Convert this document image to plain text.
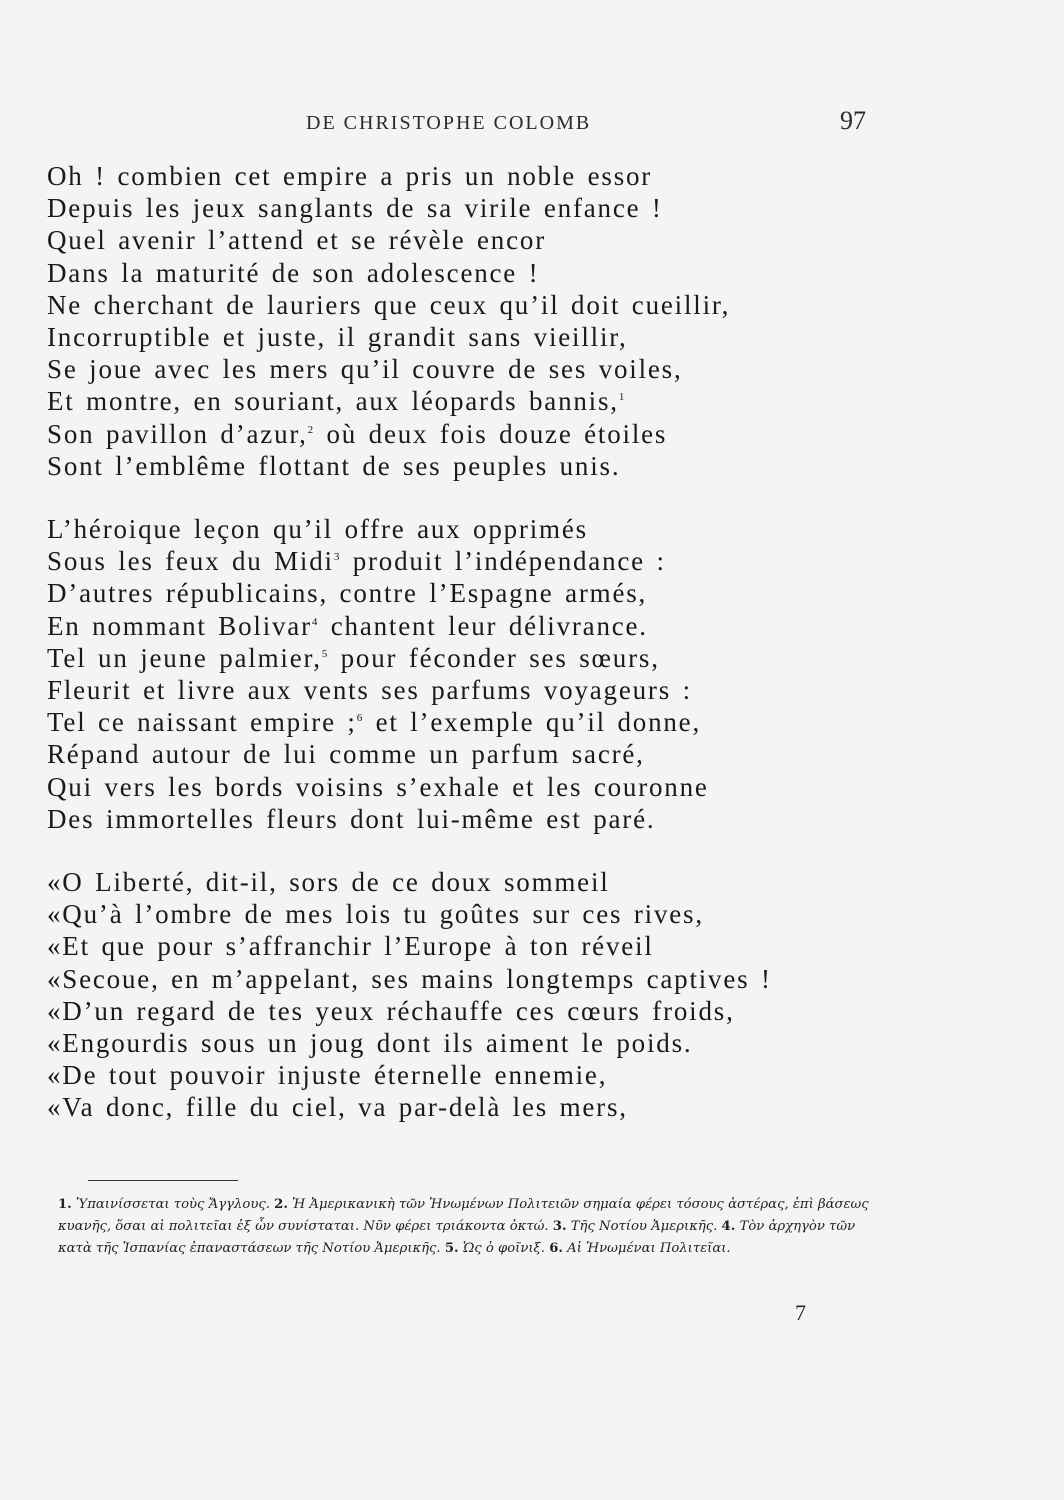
DE CHRISTOPHE COLOMB	97
Oh ! combien cet empire a pris un noble essor
Depuis les jeux sanglants de sa virile enfance !
Quel avenir l’attend et se révèle encor
Dans la maturité de son adolescence !
Ne cherchant de lauriers que ceux qu’il doit cueillir,
Incorruptible et juste, il grandit sans vieillir,
Se joue avec les mers qu’il couvre de ses voiles,
Et montre, en souriant, aux léopards bannis,$^1$
Son pavillon d’azur,$^2$ où deux fois douze étoiles
Sont l’emblême flottant de ses peuples unis.
L’héroique leçon qu’il offre aux opprimés
Sous les feux du Midi$^3$ produit l’indépendance :
D’autres républicains, contre l’Espagne armés,
En nommant Bolivar$^4$ chantent leur délivrance.
Tel un jeune palmier,$^5$ pour féconder ses sœurs,
Fleurit et livre aux vents ses parfums voyageurs :
Tel ce naissant empire ;$^6$ et l’exemple qu’il donne,
Répand autour de lui comme un parfum sacré,
Qui vers les bords voisins s’exhale et les couronne
Des immortelles fleurs dont lui-même est paré.
«O Liberté, dit-il, sors de ce doux sommeil
«Qu’à l’ombre de mes lois tu goûtes sur ces rives,
«Et que pour s’affranchir l’Europe à ton réveil
«Secoue, en m’appelant, ses mains longtemps captives !
«D’un regard de tes yeux réchauffe ces cœurs froids,
«Engourdis sous un joug dont ils aiment le poids.
«De tout pouvoir injuste éternelle ennemie,
«Va donc, fille du ciel, va par-delà les mers,
1. Ὑπαινίσσεται τοὺς Ἄγγλους. 2. Ἡ Ἀμερικανικὴ τῶν Ἡνωμένων Πολιτειῶν σημαία φέρει τόσους ἀστέρας, ἐπὶ βάσεως κυανῆς, ὅσαι αἱ πολιτεῖαι ἐξ ὧν συνίσταται. Νῦν φέρει τριάκοντα ὀκτώ. 3. Τῆς Νοτίου Ἀμερικῆς. 4. Τὸν ἀρχηγὸν τῶν κατὰ τῆς Ἱσπανίας ἐπαναστάσεων τῆς Νοτίου Ἀμερικῆς. 5. Ὡς ὁ φοῖνιξ. 6. Αἱ Ἡνωμέναι Πολιτεῖαι.
7
